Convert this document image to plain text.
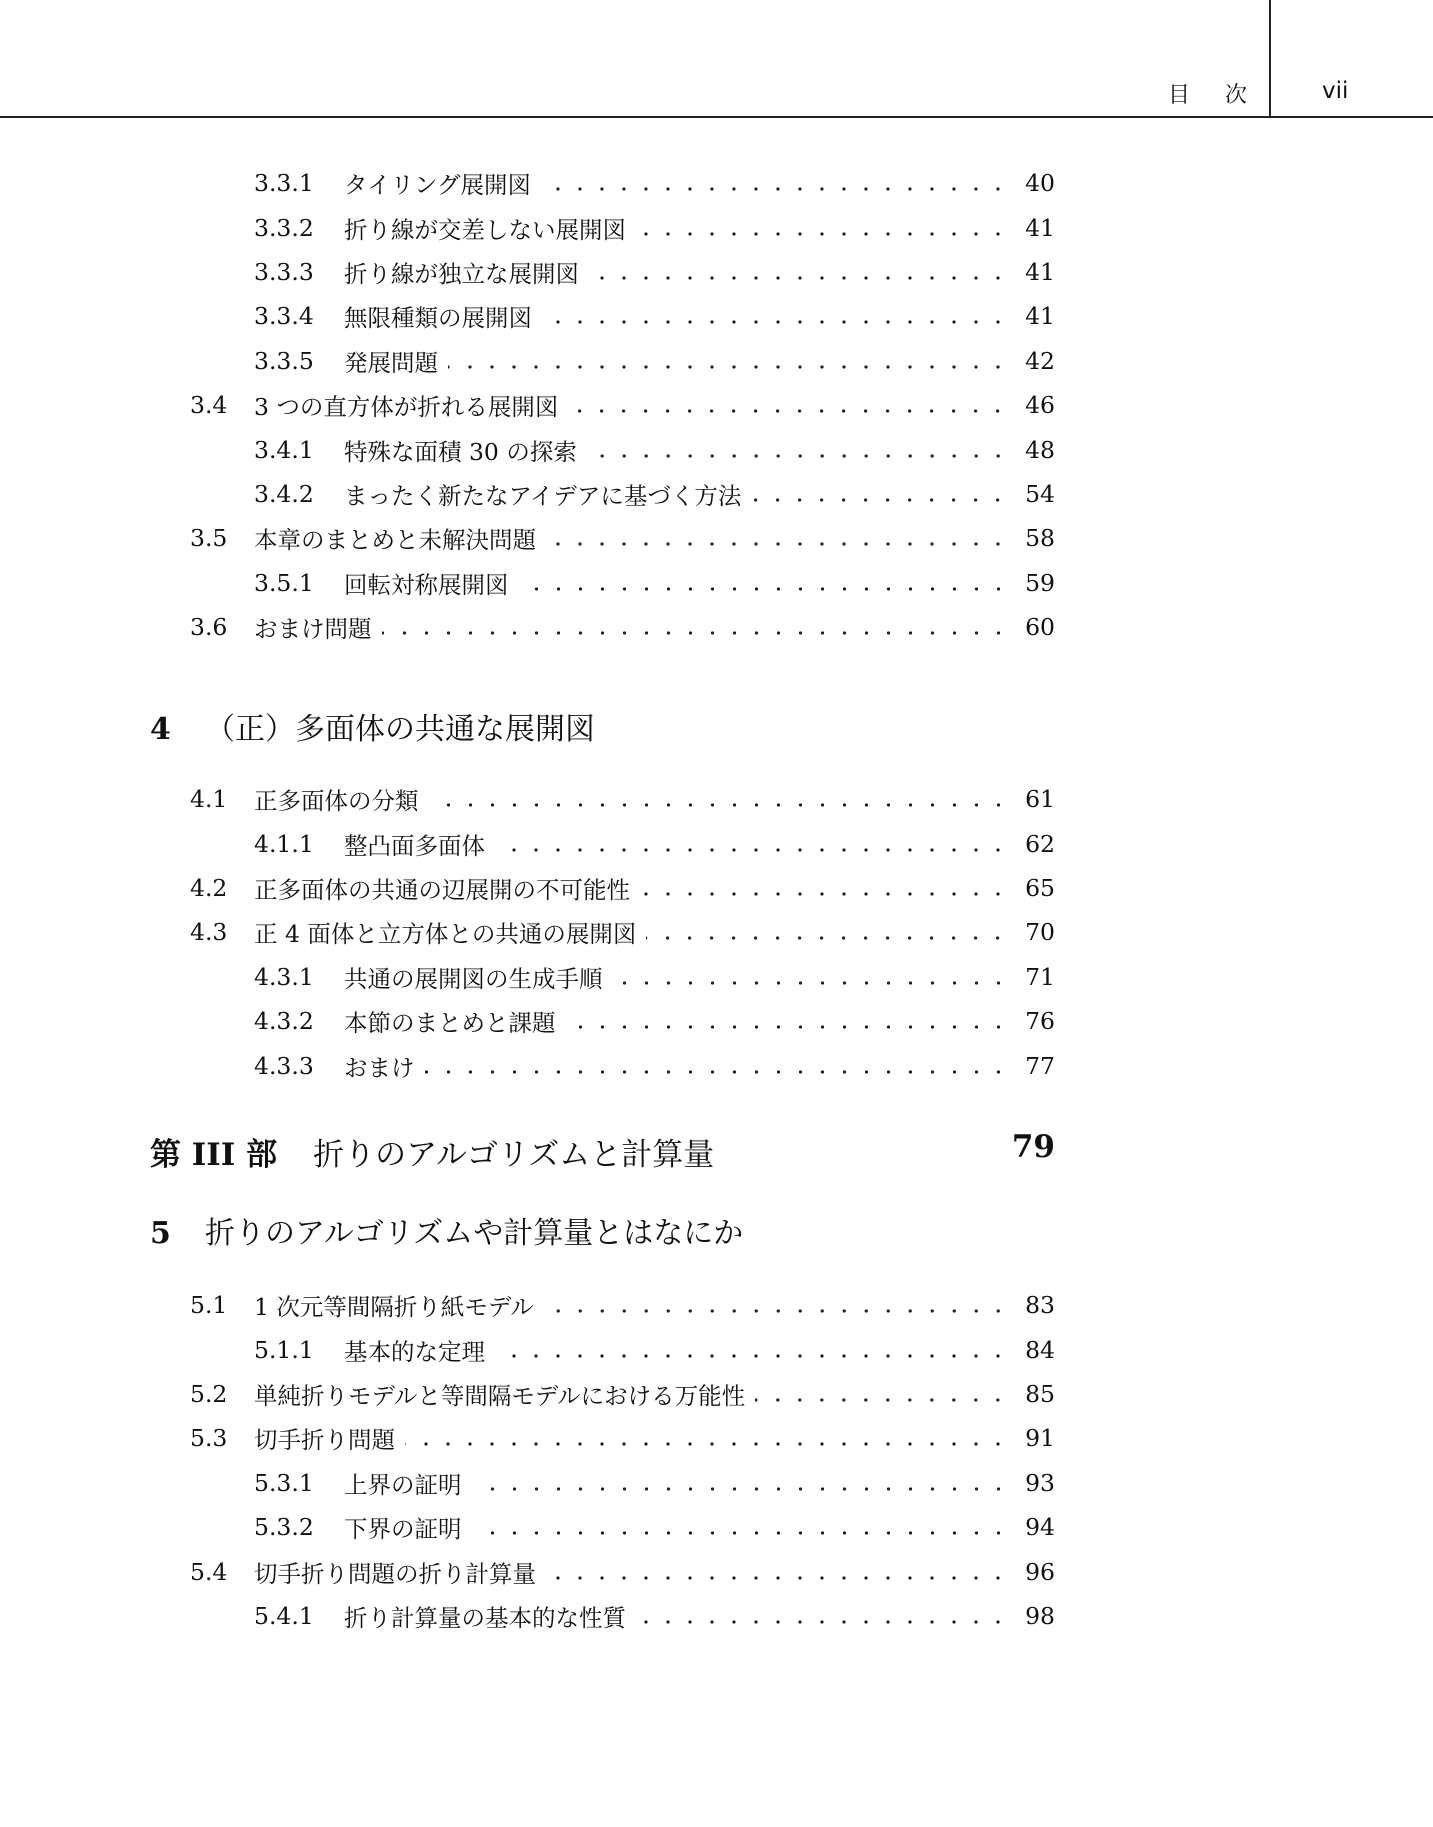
目 次	vii
3.3.1 タイリング展開図	40
3.3.2 折り線が交差しない展開図	41
3.3.3 折り線が独立な展開図	41
3.3.4 無限種類の展開図	41
3.3.5 発展問題	42
3.4 3 つの直方体が折れる展開図	46
3.4.1 特殊な面積 30 の探索	48
3.4.2 まったく新たなアイデアに基づく方法	54
3.5 本章のまとめと未解決問題	58
3.5.1 回転対称展開図	59
3.6 おまけ問題	60
4 （正）多面体の共通な展開図
4.1 正多面体の分類	61
4.1.1 整凸面多面体	62
4.2 正多面体の共通の辺展開の不可能性	65
4.3 正 4 面体と立方体との共通の展開図	70
4.3.1 共通の展開図の生成手順	71
4.3.2 本節のまとめと課題	76
4.3.3 おまけ	77
第 III 部 折りのアルゴリズムと計算量	79
5 折りのアルゴリズムや計算量とはなにか
5.1 1 次元等間隔折り紙モデル	83
5.1.1 基本的な定理	84
5.2 単純折りモデルと等間隔モデルにおける万能性	85
5.3 切手折り問題	91
5.3.1 上界の証明	93
5.3.2 下界の証明	94
5.4 切手折り問題の折り計算量	96
5.4.1 折り計算量の基本的な性質	98
